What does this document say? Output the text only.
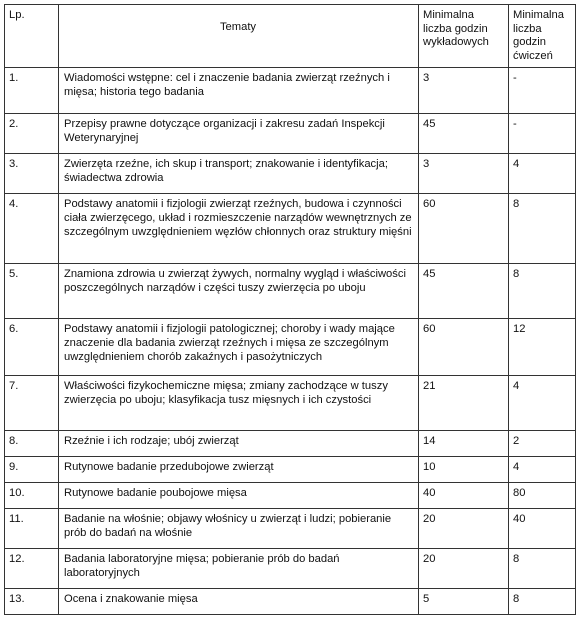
Lp.	Tematy	Minimalna liczba godzin wykładowych	Minimalna liczba godzin ćwiczeń
1.	Wiadomości wstępne: cel i znaczenie badania zwierząt rzeźnych i mięsa; historia tego badania	3	-
2.	Przepisy prawne dotyczące organizacji i zakresu zadań Inspekcji Weterynaryjnej	45	-
3.	Zwierzęta rzeźne, ich skup i transport; znakowanie i identyfikacja; świadectwa zdrowia	3	4
4.	Podstawy anatomii i fizjologii zwierząt rzeźnych, budowa i czynności ciała zwierzęcego, układ i rozmieszczenie narządów wewnętrznych ze szczególnym uwzględnieniem węzłów chłonnych oraz struktury mięśni	60	8
5.	Znamiona zdrowia u zwierząt żywych, normalny wygląd i właściwości poszczególnych narządów i części tuszy zwierzęcia po uboju	45	8
6.	Podstawy anatomii i fizjologii patologicznej; choroby i wady mające znaczenie dla badania zwierząt rzeźnych i mięsa ze szczególnym uwzględnieniem chorób zakaźnych i pasożytniczych	60	12
7.	Właściwości fizykochemiczne mięsa; zmiany zachodzące w tuszy zwierzęcia po uboju; klasyfikacja tusz mięsnych i ich czystości	21	4
8.	Rzeźnie i ich rodzaje; ubój zwierząt	14	2
9.	Rutynowe badanie przedubojowe zwierząt	10	4
10.	Rutynowe badanie poubojowe mięsa	40	80
11.	Badanie na włośnie; objawy włośnicy u zwierząt i ludzi; pobieranie prób do badań na włośnie	20	40
12.	Badania laboratoryjne mięsa; pobieranie prób do badań laboratoryjnych	20	8
13.	Ocena i znakowanie mięsa	5	8
